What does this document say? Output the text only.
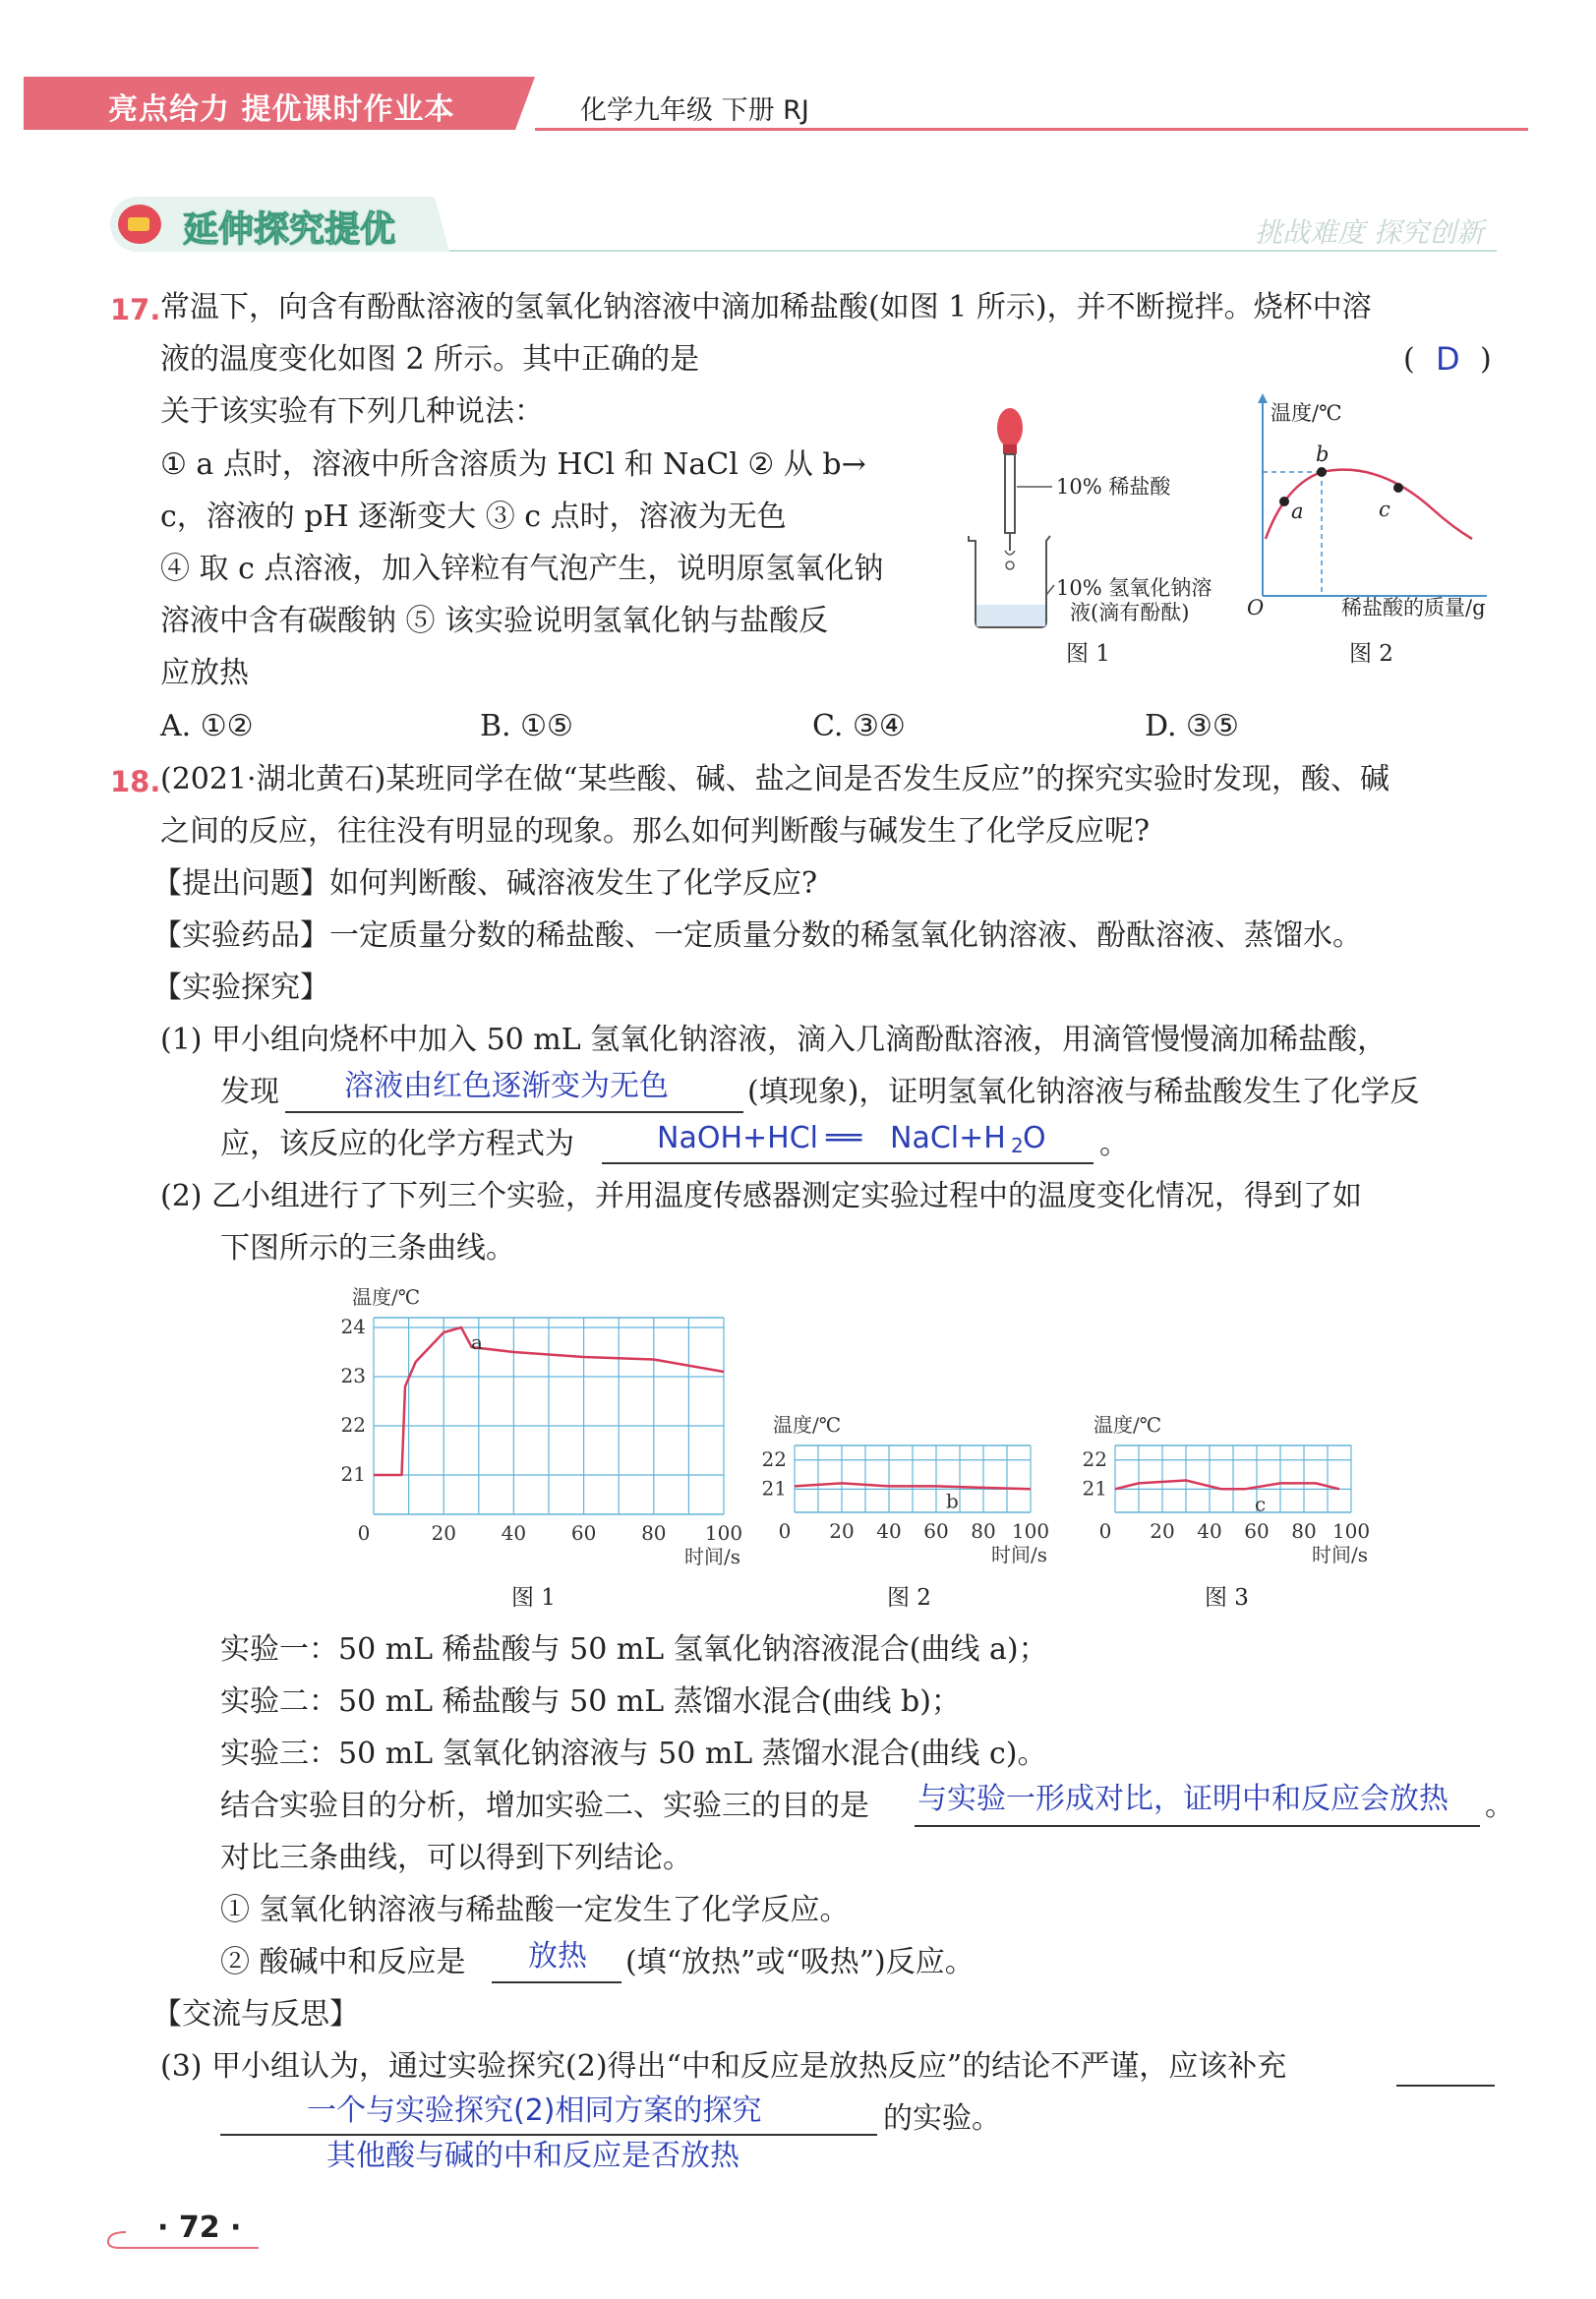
亮点给力 提优课时作业本	化学九年级 下册 RJ
延伸探究提优	挑战难度 探究创新
17. 常温下，向含有酚酞溶液的氢氧化钠溶液中滴加稀盐酸(如图 1 所示)，并不断搅拌。烧杯中溶
液的温度变化如图 2 所示。其中正确的是	( D )
关于该实验有下列几种说法：
① a 点时，溶液中所含溶质为 HCl 和 NaCl ② 从 b→
c，溶液的 pH 逐渐变大 ③ c 点时，溶液为无色
④ 取 c 点溶液，加入锌粒有气泡产生，说明原氢氧化钠
溶液中含有碳酸钠 ⑤ 该实验说明氢氧化钠与盐酸反
应放热
A. ①②	B. ①⑤	C. ③④	D. ③⑤
10% 稀盐酸
10% 氢氧化钠溶
液(滴有酚酞)
图 1
温度/℃
稀盐酸的质量/g
O
a
b
c
图 2
18. (2021·湖北黄石)某班同学在做“某些酸、碱、盐之间是否发生反应”的探究实验时发现，酸、碱
之间的反应，往往没有明显的现象。那么如何判断酸与碱发生了化学反应呢?
【提出问题】如何判断酸、碱溶液发生了化学反应?
【实验药品】一定质量分数的稀盐酸、一定质量分数的稀氢氧化钠溶液、酚酞溶液、蒸馏水。
【实验探究】
(1) 甲小组向烧杯中加入 50 mL 氢氧化钠溶液，滴入几滴酚酞溶液，用滴管慢慢滴加稀盐酸，
发现 溶液由红色逐渐变为无色	(填现象)，证明氢氧化钠溶液与稀盐酸发生了化学反
应，该反应的化学方程式为	NaOH+HCl ══ NaCl+H 2 O 。
(2) 乙小组进行了下列三个实验，并用温度传感器测定实验过程中的温度变化情况，得到了如
下图所示的三条曲线。
24
23
22
21
0	20 40 60 80 100
温度/℃
时间/s
a
22
21
0 20 40 60 80 100
温度/℃
时间/s
b
22
21
0 20 40 60 80 100
温度/℃
时间/s
c
图 1	图 2	图 3
实验一：50 mL 稀盐酸与 50 mL 氢氧化钠溶液混合(曲线 a)；
实验二：50 mL 稀盐酸与 50 mL 蒸馏水混合(曲线 b)；
实验三：50 mL 氢氧化钠溶液与 50 mL 蒸馏水混合(曲线 c)。
结合实验目的分析，增加实验二、实验三的目的是 与实验一形成对比，证明中和反应会放热 。
对比三条曲线，可以得到下列结论。
① 氢氧化钠溶液与稀盐酸一定发生了化学反应。
② 酸碱中和反应是 放热 (填“放热”或“吸热”)反应。
【交流与反思】
(3) 甲小组认为，通过实验探究(2)得出“中和反应是放热反应”的结论不严谨，应该补充
一个与实验探究(2)相同方案的探究	的实验。
其他酸与碱的中和反应是否放热
· 72 ·
